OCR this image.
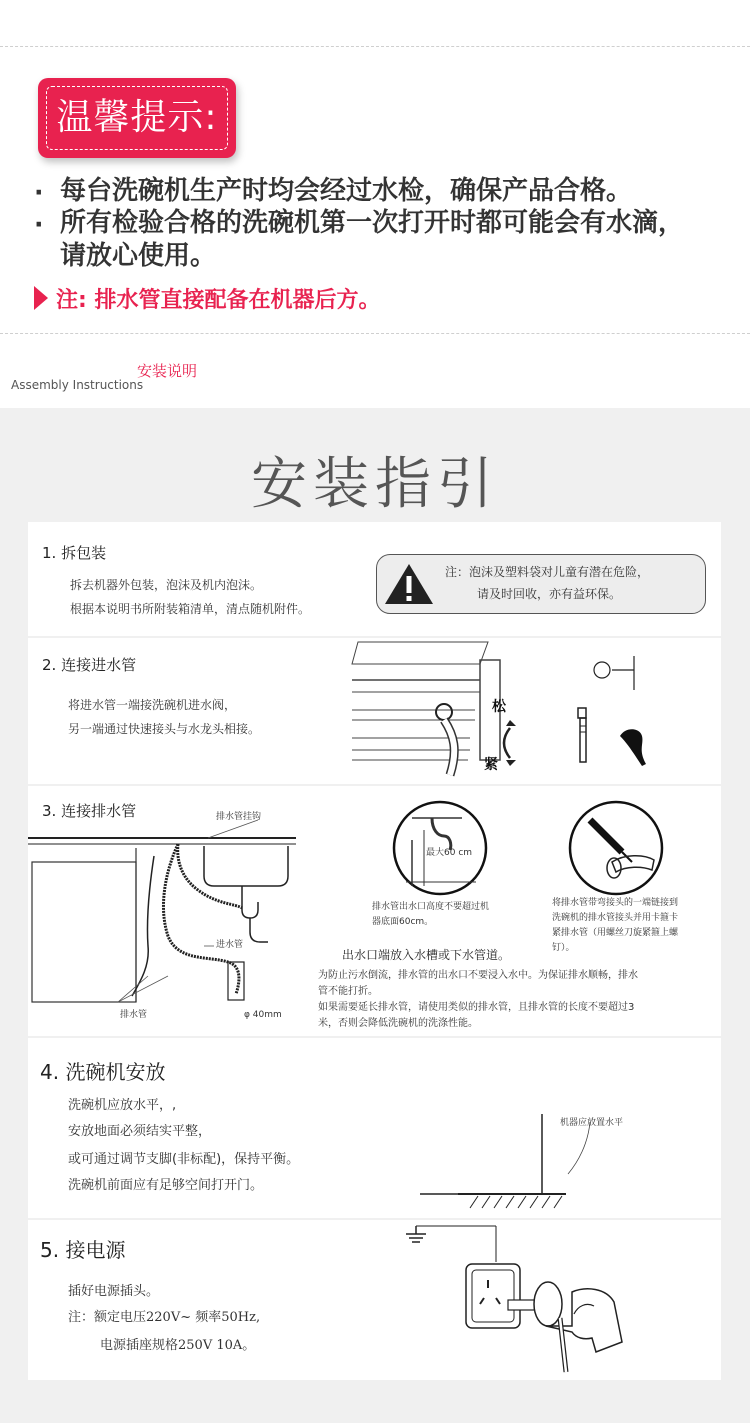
温馨提示:
· 每台洗碗机生产时均会经过水检，确保产品合格。
· 所有检验合格的洗碗机第一次打开时都可能会有水滴，
请放心使用。
注: 排水管直接配备在机器后方。
安装说明
Assembly Instructions
安装指引
1. 拆包装
拆去机器外包装，泡沫及机内泡沫。
根据本说明书所附装箱清单，清点随机附件。
注：泡沫及塑料袋对儿童有潜在危险，
请及时回收，亦有益环保。
2. 连接进水管
将进水管一端接洗碗机进水阀，
另一端通过快速接头与水龙头相接。
松
紧
3. 连接排水管	排水管挂钩
进水管
排水管	φ 40mm
最大60 cm
排水管出水口高度不要超过机
器底面60cm。
将排水管带弯接头的一端链接到
洗碗机的排水管接头并用卡箍卡
紧排水管（用螺丝刀旋紧箍上螺
钉）。
出水口端放入水槽或下水管道。
为防止污水倒流，排水管的出水口不要浸入水中。为保证排水顺畅，排水
管不能打折。
如果需要延长排水管，请使用类似的排水管，且排水管的长度不要超过3
米，否则会降低洗碗机的洗涤性能。
4. 洗碗机安放
洗碗机应放水平，,
安放地面必须结实平整，
或可通过调节支脚(非标配)，保持平衡。
洗碗机前面应有足够空间打开门。
机器应放置水平
5. 接电源
插好电源插头。
注：额定电压220V~ 频率50Hz,
电源插座规格250V 10A。
